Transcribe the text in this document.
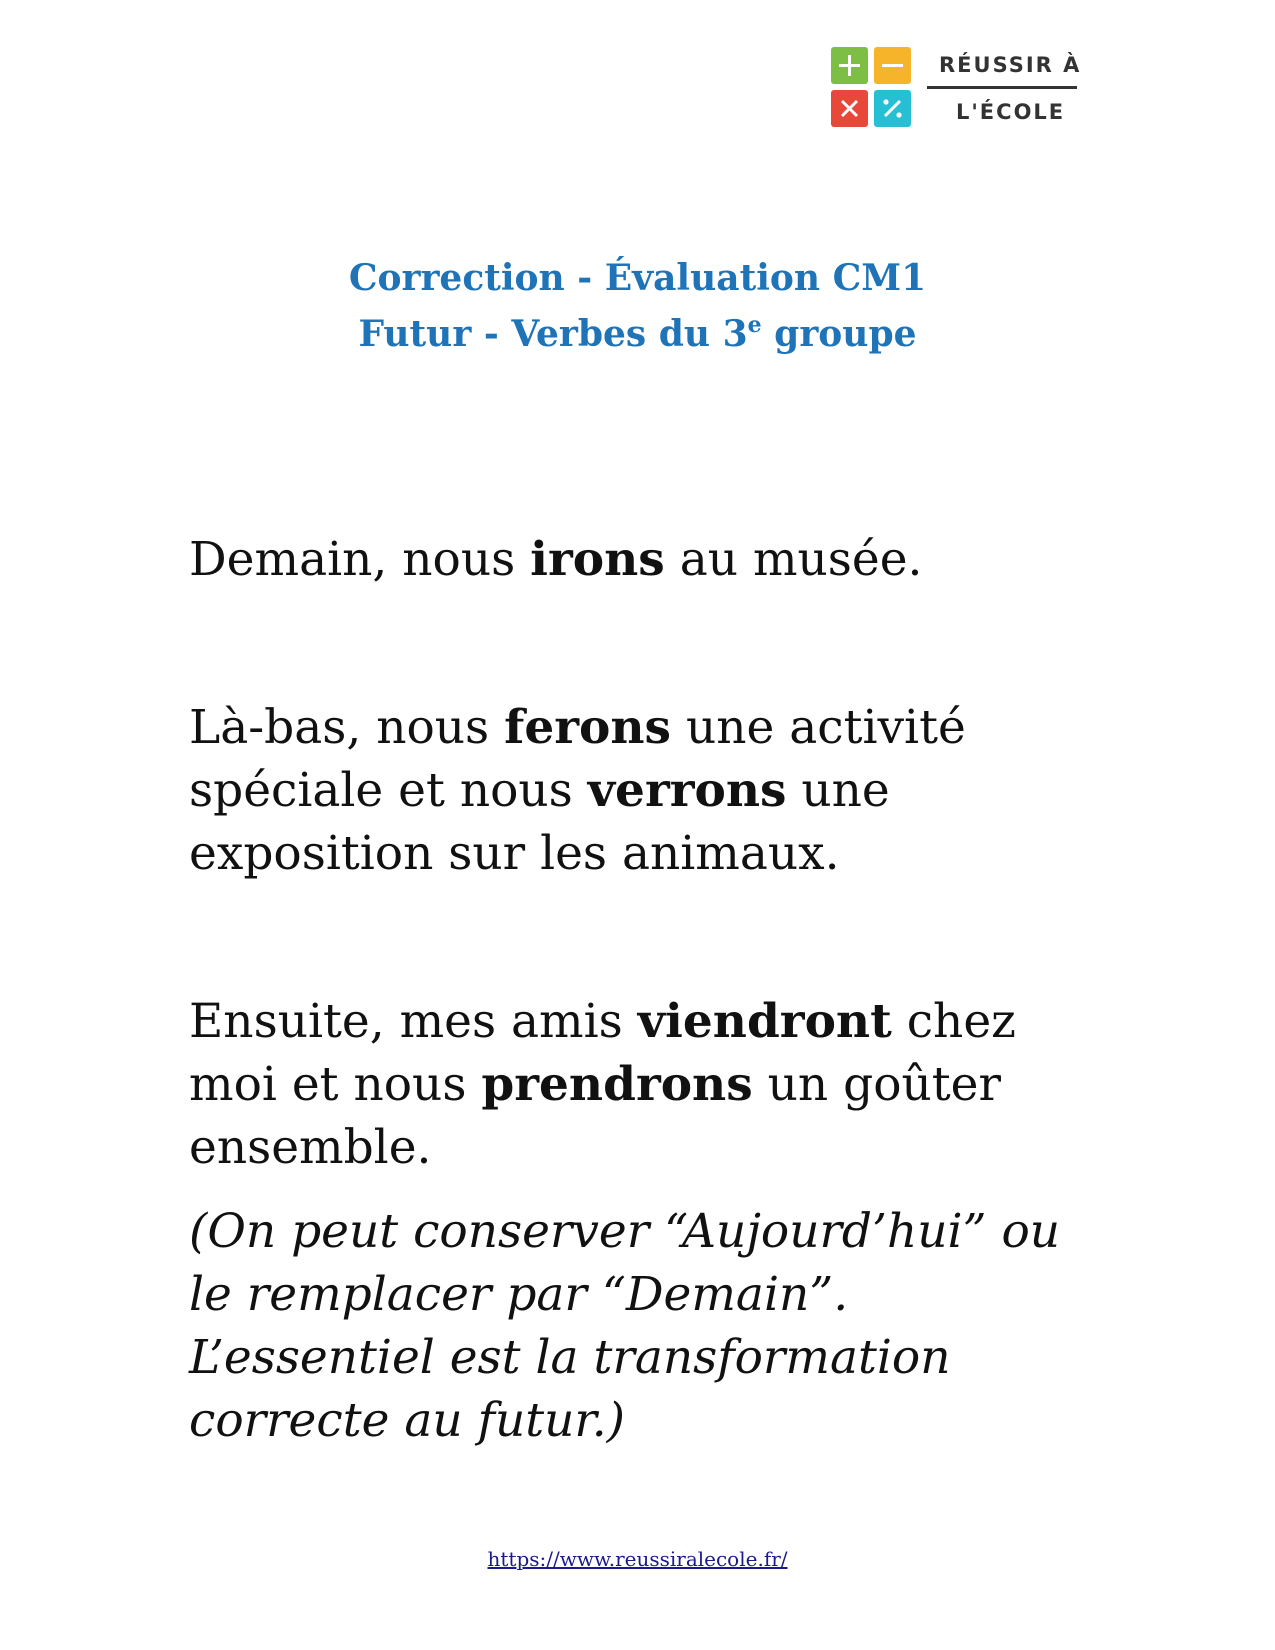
RÉUSSIR À
L'ÉCOLE
Correction - Évaluation CM1
Futur - Verbes du 3e groupe

Demain, nous irons au musée.

Là-bas, nous ferons une activité spéciale et nous verrons une exposition sur les animaux.

Ensuite, mes amis viendront chez moi et nous prendrons un goûter ensemble.

(On peut conserver “Aujourd’hui” ou le remplacer par “Demain”. L’essentiel est la transformation correcte au futur.)

https://www.reussiralecole.fr/
